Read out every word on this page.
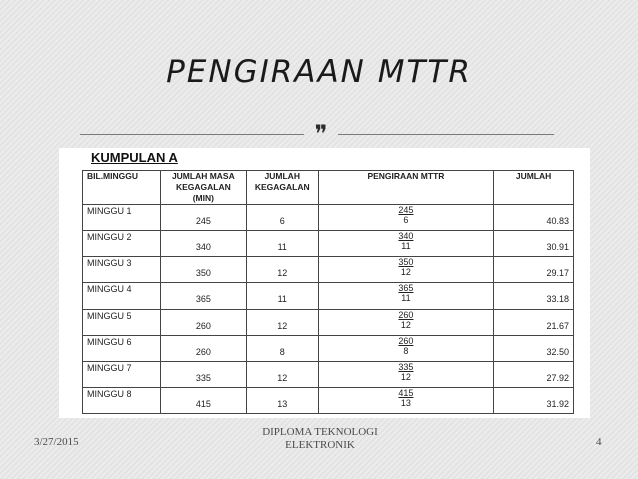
PENGIRAAN MTTR
❞
KUMPULAN A
BIL.MINGGU	JUMLAH MASA KEGAGALAN (MIN)	JUMLAH KEGAGALAN	PENGIRAAN MTTR	JUMLAH
MINGGU 1	245	6	$\frac{245}{6}$	40.83

MINGGU 2	340	11	$\frac{340}{11}$	30.91

MINGGU 3	350	12	$\frac{350}{12}$	29.17

MINGGU 4	365	11	$\frac{365}{11}$	33.18

MINGGU 5	260	12	$\frac{260}{12}$	21.67

MINGGU 6	260	8	$\frac{260}{8}$	32.50

MINGGU 7	335	12	$\frac{335}{12}$	27.92

MINGGU 8	415	13	$\frac{415}{13}$	31.92
3/27/2015
DIPLOMA TEKNOLOGI
ELEKTRONIK	4
